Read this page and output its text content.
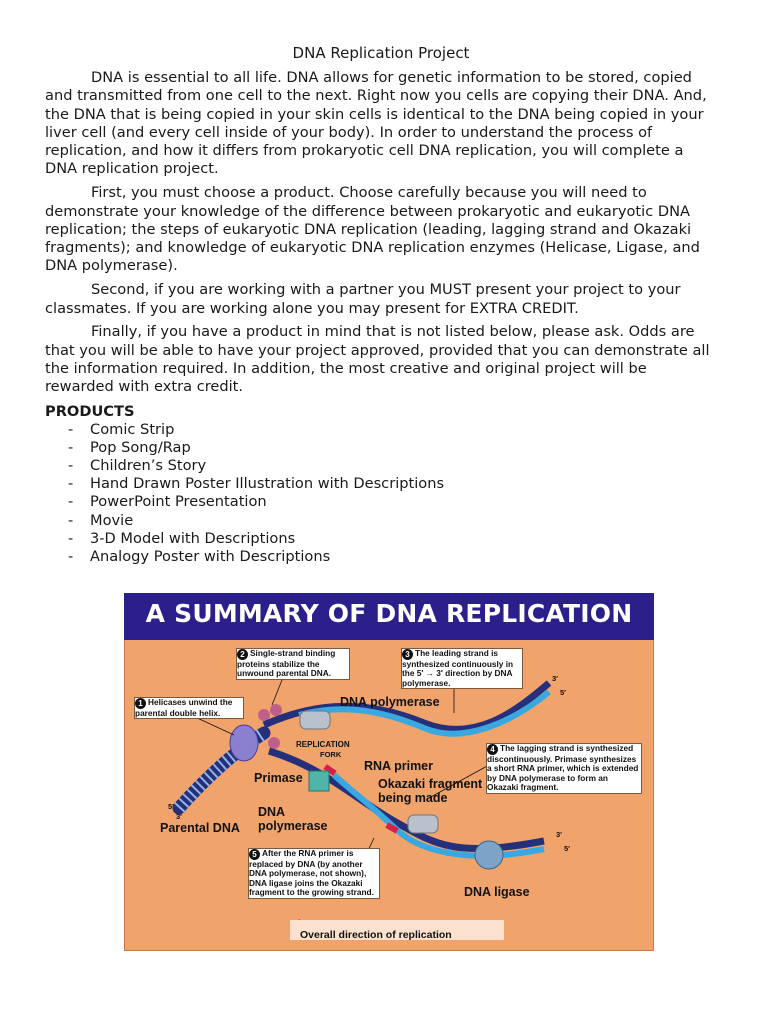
DNA Replication Project

DNA is essential to all life. DNA allows for genetic information to be stored, copied and transmitted from one cell to the next. Right now you cells are copying their DNA. And, the DNA that is being copied in your skin cells is identical to the DNA being copied in your liver cell (and every cell inside of your body). In order to understand the process of replication, and how it differs from prokaryotic cell DNA replication, you will complete a DNA replication project.

First, you must choose a product. Choose carefully because you will need to demonstrate your knowledge of the difference between prokaryotic and eukaryotic DNA replication; the steps of eukaryotic DNA replication (leading, lagging strand and Okazaki fragments); and knowledge of eukaryotic DNA replication enzymes (Helicase, Ligase, and DNA polymerase).

Second, if you are working with a partner you MUST present your project to your classmates. If you are working alone you may present for EXTRA CREDIT.

Finally, if you have a product in mind that is not listed below, please ask. Odds are that you will be able to have your project approved, provided that you can demonstrate all the information required. In addition, the most creative and original project will be rewarded with extra credit.

PRODUCTS
- Comic Strip
- Pop Song/Rap
- Children’s Story
- Hand Drawn Poster Illustration with Descriptions
- PowerPoint Presentation
- Movie
- 3-D Model with Descriptions
- Analogy Poster with Descriptions
A SUMMARY OF DNA REPLICATION
Overall direction of replication
1 Helicases unwind the parental double helix.
2 Single-strand binding proteins stabilize the unwound parental DNA.
3 The leading strand is synthesized continuously in the 5′ → 3′ direction by DNA polymerase.
4 The lagging strand is synthesized discontinuously. Primase synthesizes a short RNA primer, which is extended by DNA polymerase to form an Okazaki fragment.
5 After the RNA primer is replaced by DNA (by another DNA polymerase, not shown), DNA ligase joins the Okazaki fragment to the growing strand.
DNA polymerase
REPLICATION
FORK
RNA primer
Primase	Okazaki fragment
being made
DNA
polymerase
Parental DNA
DNA ligase
5′
3′
3′
5′
3′
5′
